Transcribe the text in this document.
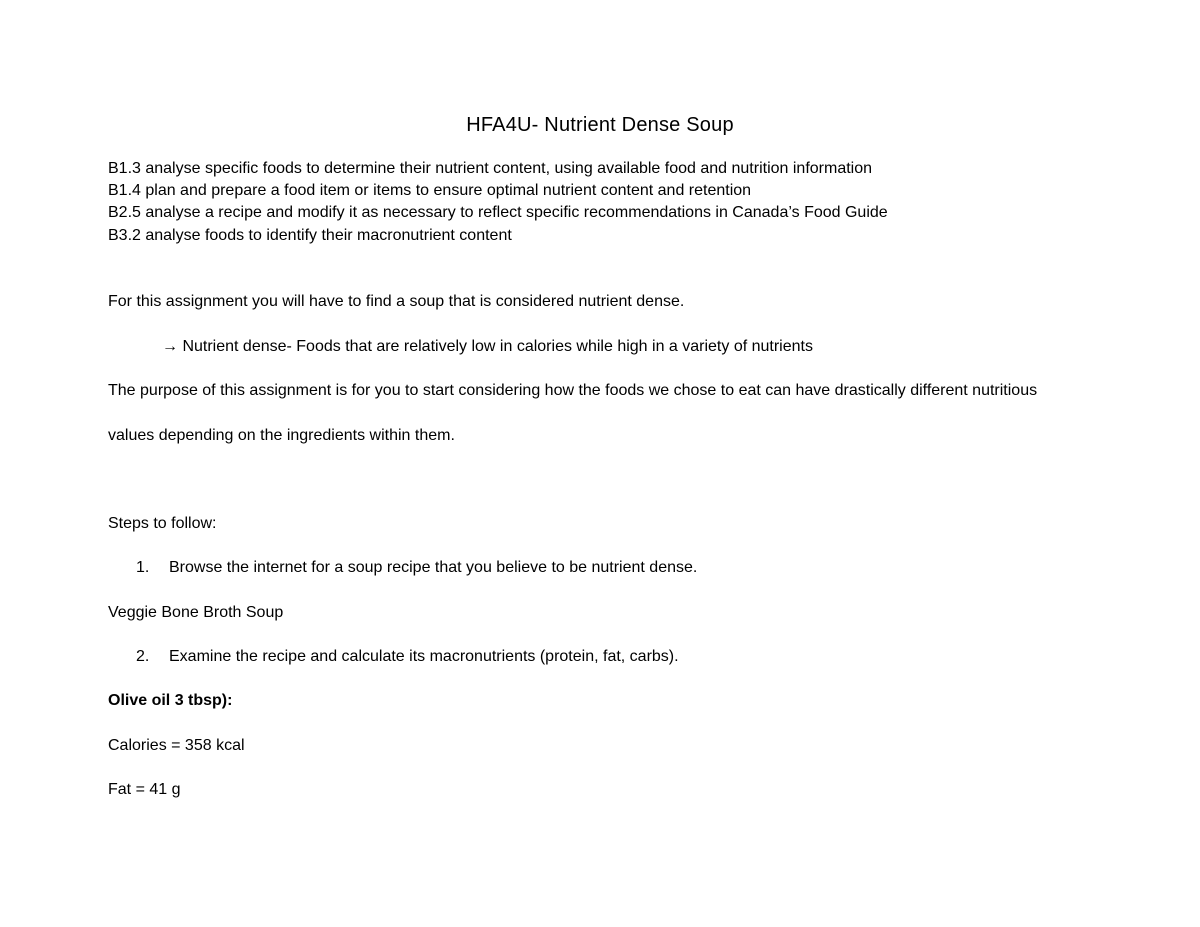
HFA4U- Nutrient Dense Soup
B1.3 analyse specific foods to determine their nutrient content, using available food and nutrition information
B1.4 plan and prepare a food item or items to ensure optimal nutrient content and retention
B2.5 analyse a recipe and modify it as necessary to reflect specific recommendations in Canada’s Food Guide
B3.2 analyse foods to identify their macronutrient content
For this assignment you will have to find a soup that is considered nutrient dense.
→ Nutrient dense- Foods that are relatively low in calories while high in a variety of nutrients
The purpose of this assignment is for you to start considering how the foods we chose to eat can have drastically different nutritious
values depending on the ingredients within them.
Steps to follow:
1. Browse the internet for a soup recipe that you believe to be nutrient dense.
Veggie Bone Broth Soup
2. Examine the recipe and calculate its macronutrients (protein, fat, carbs).
Olive oil 3 tbsp):
Calories = 358 kcal
Fat = 41 g
